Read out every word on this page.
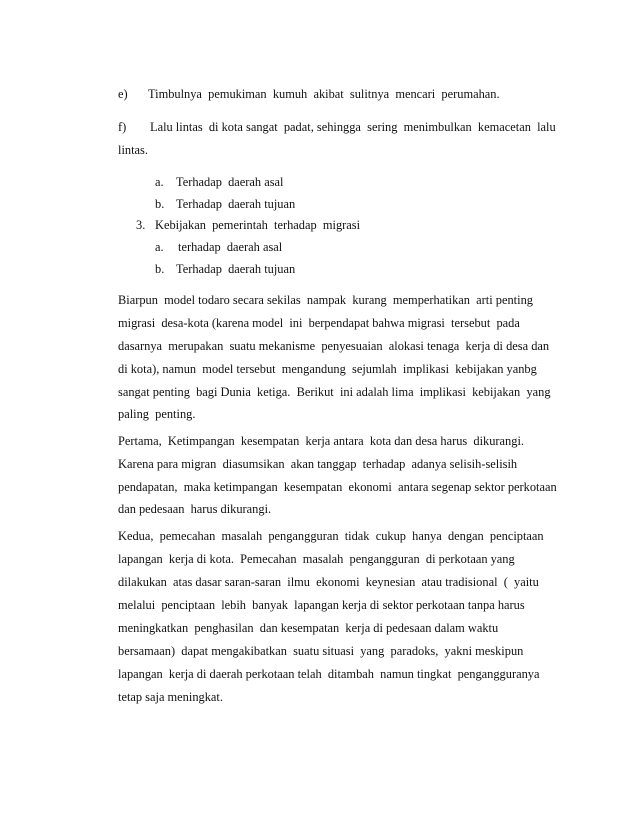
e) Timbulnya  pemukiman  kumuh  akibat  sulitnya  mencari  perumahan.
f) Lalu lintas  di kota sangat  padat, sehingga  sering  menimbulkan  kemacetan  lalu
lintas.
a. Terhadap  daerah asal
b. Terhadap  daerah tujuan
3. Kebijakan  pemerintah  terhadap  migrasi
a. terhadap  daerah asal
b. Terhadap  daerah tujuan
Biarpun  model todaro secara sekilas  nampak  kurang  memperhatikan  arti penting
migrasi  desa-kota (karena model  ini  berpendapat bahwa migrasi  tersebut  pada
dasarnya  merupakan  suatu mekanisme  penyesuaian  alokasi tenaga  kerja di desa dan
di kota), namun  model tersebut  mengandung  sejumlah  implikasi  kebijakan yanbg
sangat penting  bagi Dunia  ketiga.  Berikut  ini adalah lima  implikasi  kebijakan  yang
paling  penting.
Pertama,  Ketimpangan  kesempatan  kerja antara  kota dan desa harus  dikurangi.
Karena para migran  diasumsikan  akan tanggap  terhadap  adanya selisih-selisih
pendapatan,  maka ketimpangan  kesempatan  ekonomi  antara segenap sektor perkotaan
dan pedesaan  harus dikurangi.
Kedua,  pemecahan  masalah  pengangguran  tidak  cukup  hanya  dengan  penciptaan
lapangan  kerja di kota.  Pemecahan  masalah  pengangguran  di perkotaan yang
dilakukan  atas dasar saran-saran  ilmu  ekonomi  keynesian  atau tradisional  (  yaitu
melalui  penciptaan  lebih  banyak  lapangan kerja di sektor perkotaan tanpa harus
meningkatkan  penghasilan  dan kesempatan  kerja di pedesaan dalam waktu
bersamaan)  dapat mengakibatkan  suatu situasi  yang  paradoks,  yakni meskipun
lapangan  kerja di daerah perkotaan telah  ditambah  namun tingkat  pengangguranya
tetap saja meningkat.
